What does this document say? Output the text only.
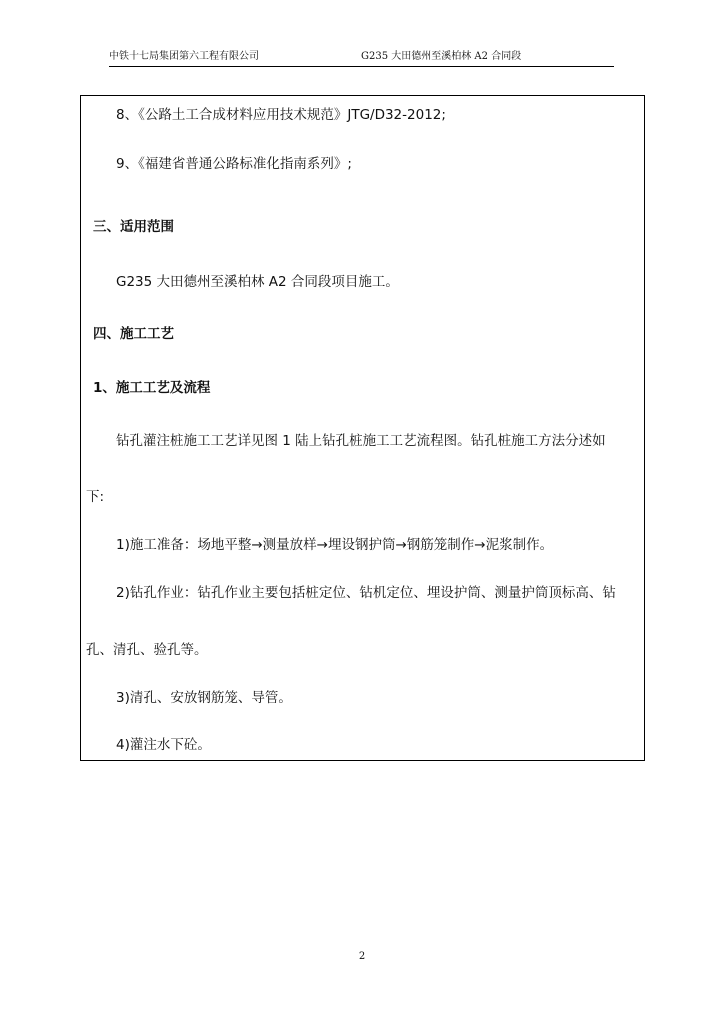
中铁十七局集团第六工程有限公司	G235 大田德州至溪柏林 A2 合同段
8、《公路土工合成材料应用技术规范》JTG/D32-2012;
9、《福建省普通公路标准化指南系列》;
三、适用范围
G235 大田德州至溪柏林 A2 合同段项目施工。
四、施工工艺
1、施工工艺及流程
钻孔灌注桩施工工艺详见图 1 陆上钻孔桩施工工艺流程图。钻孔桩施工方法分述如
下:
1)施工准备：场地平整→测量放样→埋设钢护筒→钢筋笼制作→泥浆制作。
2)钻孔作业：钻孔作业主要包括桩定位、钻机定位、埋设护筒、测量护筒顶标高、钻
孔、清孔、验孔等。
3)清孔、安放钢筋笼、导管。
4)灌注水下砼。
2
